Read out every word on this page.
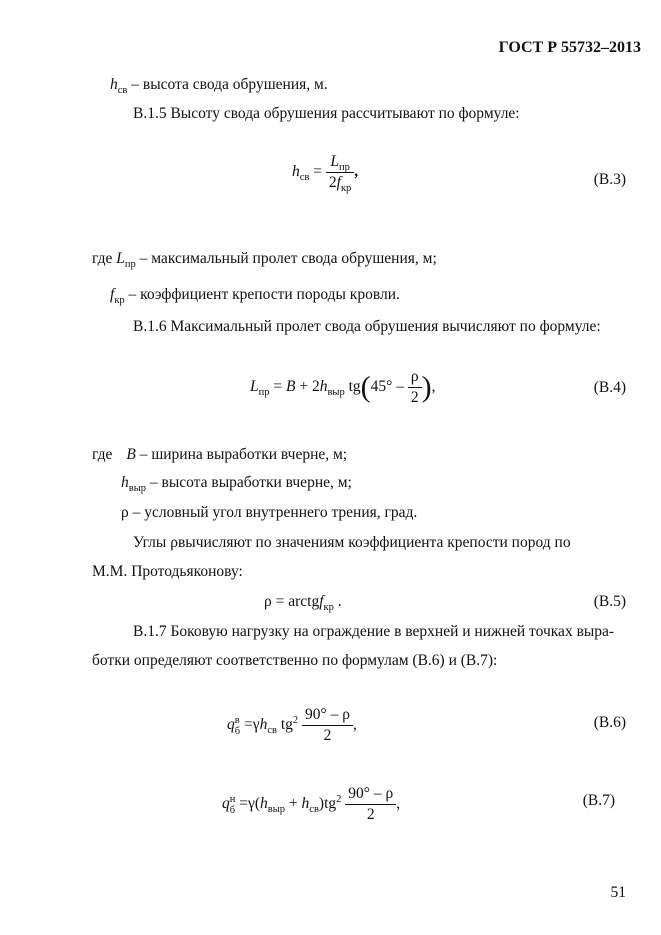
ГОСТ Р 55732–2013
$h_{св}$ – высота свода обрушения, м.
В.1.5 Высоту свода обрушения рассчитывают по формуле:
$h_{св} = \frac{L_{пр}}{2f_{кр}}$ ,	(В.3)
где $L_{пр}$ – максимальный пролет свода обрушения, м;
$f_{кр}$ – коэффициент крепости породы кровли.
В.1.6 Максимальный пролет свода обрушения вычисляют по формуле:
$L_{пр} = B + 2h_{выр}$ $tg(45^\circ - \frac{\rho}{2}$ ),	(В.4)
где B – ширина выработки вчерне, м;
$h_{выр}$ – высота выработки вчерне, м;
ρ – условный угол внутреннего трения, град.
Углы ρвычисляют по значениям коэффициента крепости пород по
М.М. Протодьяконову:
ρ = arctgf$_{кр}$ .	(В.5)
В.1.7 Боковую нагрузку на ограждение в верхней и нижней точках выра-
ботки определяют соответственно по формулам (В.6) и (В.7):
q в
$б =\gamma h_{св}$ $tg^2 \frac{90^\circ - \rho}{2}$ ,	(В.6)
q н
$б =\gamma(h_{выр} + h_{св})tg^2 \frac{90^\circ - \rho}{2}$ ,	(В.7)
51
